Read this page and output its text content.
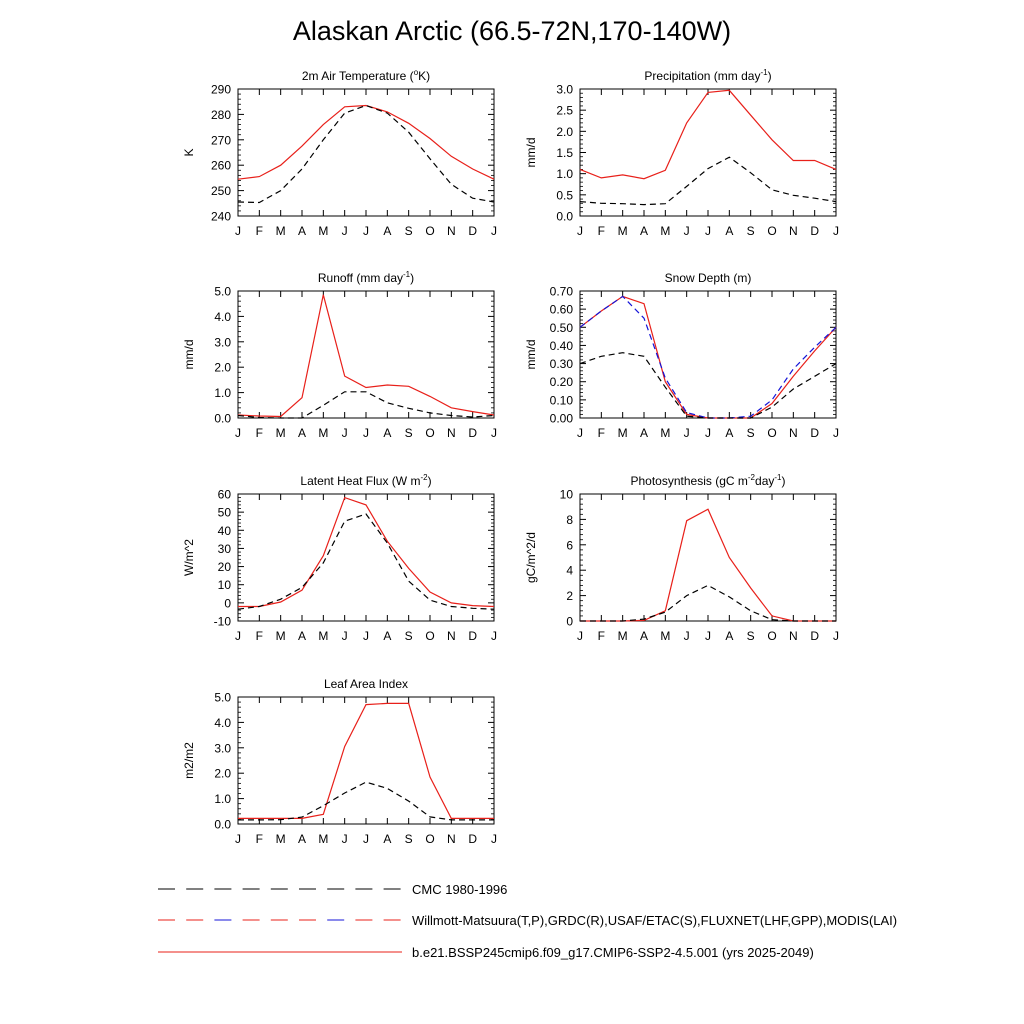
Alaskan Arctic (66.5-72N,170-140W)
J F M A M J J A S O N D J
240
250
260
270
280
290
2m Air Temperature ($^o$K)
K
J F M A M J J A S O N D J
0.0
0.5
1.0
1.5
2.0
2.5
3.0
Precipitation (mm day$^{-1}$)
mm/d
J F M A M J J A S O N D J
0.0
1.0
2.0
3.0
4.0
5.0
Runoff (mm day$^{-1}$)
mm/d
J F M A M J J A S O N D J
0.00
0.10
0.20
0.30
0.40
0.50
0.60
0.70
Snow Depth (m)
mm/d
J F M A M J J A S O N D J
-10
0
10
20
30
40
50
60
Latent Heat Flux (W $m^{-2}$)
W/m^2
J F M A M J J A S O N D J
0
2
4
6
8
10
Photosynthesis (gC $m^{-2}day^{-1}$)
gC/m^2/d
J F M A M J J A S O N D J
0.0
1.0
2.0
3.0
4.0
5.0
Leaf Area Index
m2/m2
CMC 1980-1996
Willmott-Matsuura(T,P),GRDC(R),USAF/ETAC(S),FLUXNET(LHF,GPP),MODIS(LAI)
b.e21.BSSP245cmip6.f09_g17.CMIP6-SSP2-4.5.001 (yrs 2025-2049)
